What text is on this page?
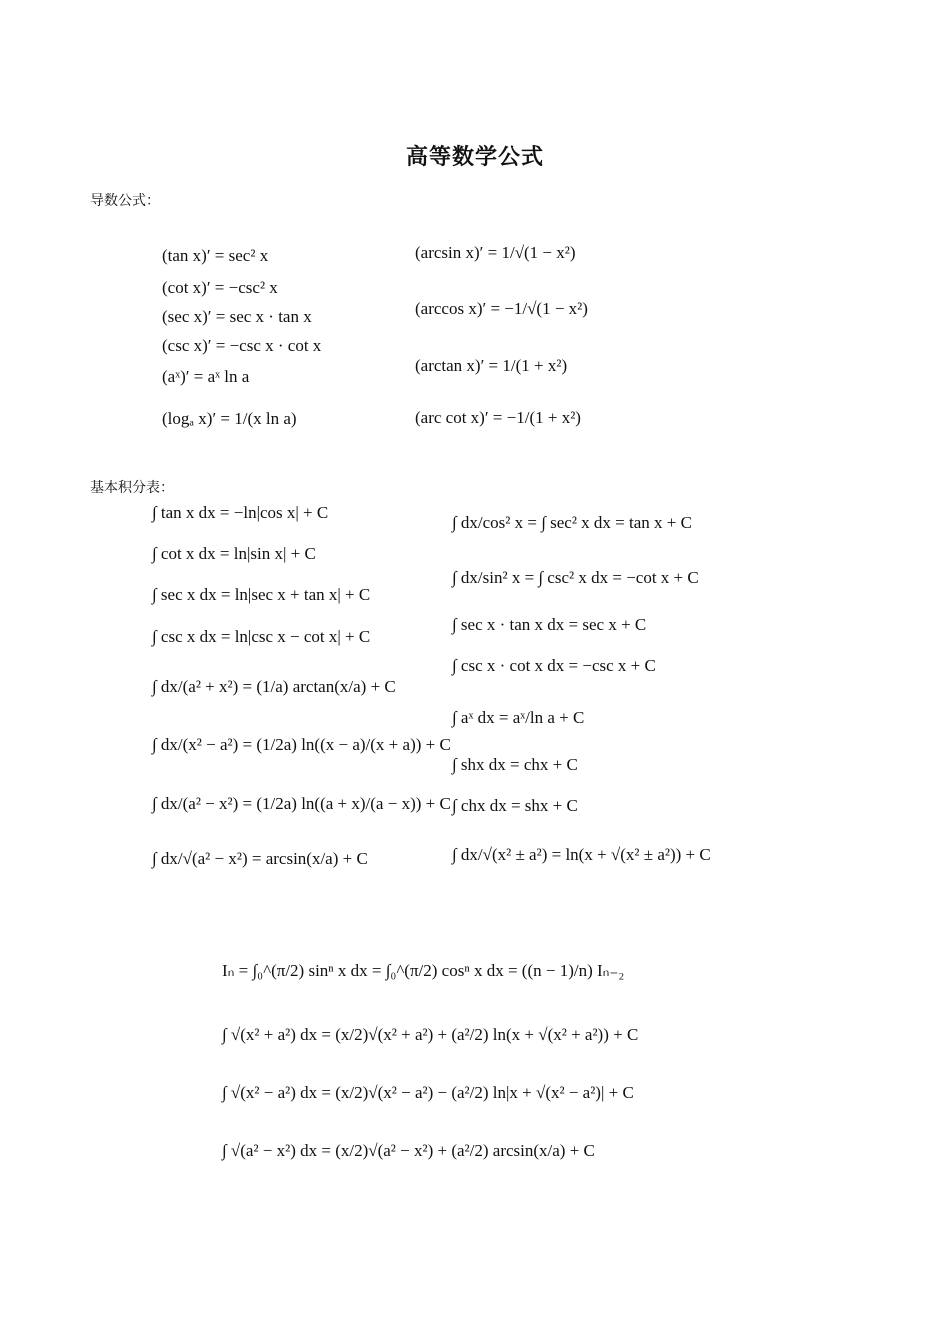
高等数学公式
导数公式：
(tan x)′ = sec² x
(cot x)′ = −csc² x
(sec x)′ = sec x · tan x
(csc x)′ = −csc x · cot x
(aˣ)′ = aˣ ln a
(logₐ x)′ = 1/(x ln a)
(arcsin x)′ = 1/√(1 − x²)
(arccos x)′ = −1/√(1 − x²)
(arctan x)′ = 1/(1 + x²)
(arc cot x)′ = −1/(1 + x²)
基本积分表：
∫ tan x dx = −ln|cos x| + C
∫ cot x dx = ln|sin x| + C
∫ sec x dx = ln|sec x + tan x| + C
∫ csc x dx = ln|csc x − cot x| + C
∫ dx/(a² + x²) = (1/a) arctan(x/a) + C
∫ dx/(x² − a²) = (1/2a) ln((x − a)/(x + a)) + C
∫ dx/(a² − x²) = (1/2a) ln((a + x)/(a − x)) + C
∫ dx/√(a² − x²) = arcsin(x/a) + C
∫ dx/cos² x = ∫ sec² x dx = tan x + C
∫ dx/sin² x = ∫ csc² x dx = −cot x + C
∫ sec x · tan x dx = sec x + C
∫ csc x · cot x dx = −csc x + C
∫ aˣ dx = aˣ/ln a + C
∫ shx dx = chx + C
∫ chx dx = shx + C
∫ dx/√(x² ± a²) = ln(x + √(x² ± a²)) + C
Iₙ = ∫₀^(π/2) sinⁿ x dx = ∫₀^(π/2) cosⁿ x dx = ((n − 1)/n) Iₙ₋₂
∫ √(x² + a²) dx = (x/2)√(x² + a²) + (a²/2) ln(x + √(x² + a²)) + C
∫ √(x² − a²) dx = (x/2)√(x² − a²) − (a²/2) ln|x + √(x² − a²)| + C
∫ √(a² − x²) dx = (x/2)√(a² − x²) + (a²/2) arcsin(x/a) + C
